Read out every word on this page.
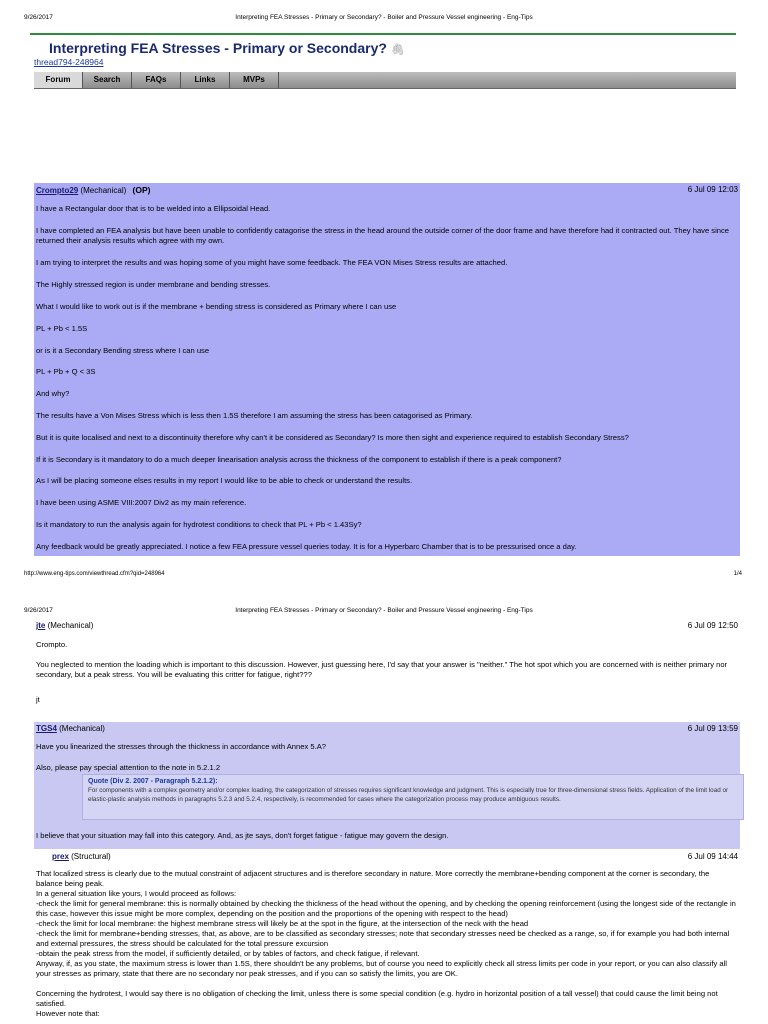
9/26/2017	Interpreting FEA Stresses - Primary or Secondary? - Boiler and Pressure Vessel engineering - Eng-Tips
Interpreting FEA Stresses - Primary or Secondary? 🖇
thread794-248964
Forum	Search	FAQs	Links	MVPs
Crompto29 (Mechanical) (OP)	6 Jul 09 12:03
I have a Rectangular door that is to be welded into a Ellipsoidal Head.
I have completed an FEA analysis but have been unable to confidently catagorise the stress in the head around the outside corner of the door frame and have therefore had it contracted out. They have since returned their analysis results which agree with my own.
I am trying to interpret the results and was hoping some of you might have some feedback. The FEA VON Mises Stress results are attached.
The Highly stressed region is under membrane and bending stresses.
What I would like to work out is if the membrane + bending stress is considered as Primary where I can use
PL + Pb < 1.5S
or is it a Secondary Bending stress where I can use
PL + Pb + Q < 3S
And why?
The results have a Von Mises Stress which is less then 1.5S therefore I am assuming the stress has been catagorised as Primary.
But it is quite localised and next to a discontinuity therefore why can't it be considered as Secondary? Is more then sight and experience required to establish Secondary Stress?
If it is Secondary is it mandatory to do a much deeper linearisation analysis across the thickness of the component to establish if there is a peak component?
As I will be placing someone elses results in my report I would like to be able to check or understand the results.
I have been using ASME VIII:2007 Div2 as my main reference.
Is it mandatory to run the analysis again for hydrotest conditions to check that PL + Pb < 1.43Sy?
Any feedback would be greatly appreciated. I notice a few FEA pressure vessel queries today. It is for a Hyperbarc Chamber that is to be pressurised once a day.
http://www.eng-tips.com/viewthread.cfm?qid=248964	1/4
9/26/2017	Interpreting FEA Stresses - Primary or Secondary? - Boiler and Pressure Vessel engineering - Eng-Tips
jte (Mechanical)	6 Jul 09 12:50
Crompto.
You neglected to mention the loading which is important to this discussion. However, just guessing here, I'd say that your answer is "neither." The hot spot which you are concerned with is neither primary nor secondary, but a peak stress. You will be evaluating this critter for fatigue, right???
jt
TGS4 (Mechanical)	6 Jul 09 13:59
Have you linearized the stresses through the thickness in accordance with Annex 5.A?
Also, please pay special attention to the note in 5.2.1.2
Quote (Div 2. 2007 - Paragraph 5.2.1.2):
For components with a complex geometry and/or complex loading, the categorization of stresses requires significant knowledge and judgment. This is especially true for three-dimensional stress fields. Application of the limit load or elastic-plastic analysis methods in paragraphs 5.2.3 and 5.2.4, respectively, is recommended for cases where the categorization process may produce ambiguous results.
I believe that your situation may fall into this category. And, as jte says, don't forget fatigue - fatigue may govern the design.
prex (Structural)	6 Jul 09 14:44
That localized stress is clearly due to the mutual constraint of adjacent structures and is therefore secondary in nature. More correctly the membrane+bending component at the corner is secondary, the balance being peak.
In a general situation like yours, I would proceed as follows:
-check the limit for general membrane: this is normally obtained by checking the thickness of the head without the opening, and by checking the opening reinforcement (using the longest side of the rectangle in this case, however this issue might be more complex, depending on the position and the proportions of the opening with respect to the head)
-check the limit for local membrane: the highest membrane stress will likely be at the spot in the figure, at the intersection of the neck with the head
-check the limit for membrane+bending stresses, that, as above, are to be classified as secondary stresses; note that secondary stresses need be checked as a range, so, if for example you had both internal and external pressures, the stress should be calculated for the total pressure excursion
-obtain the peak stress from the model, if sufficiently detailed, or by tables of factors, and check fatigue, if relevant.
Anyway, if, as you state, the maximum stress is lower than 1.5S, there shouldn't be any problems, but of course you need to explicitly check all stress limits per code in your report, or you can also classify all your stresses as primary, state that there are no secondary nor peak stresses, and if you can so satisfy the limits, you are OK.
Concerning the hydrotest, I would say there is no obligation of checking the limit, unless there is some special condition (e.g. hydro in horizontal position of a tall vessel) that could cause the limit being not satisfied.
However note that:
